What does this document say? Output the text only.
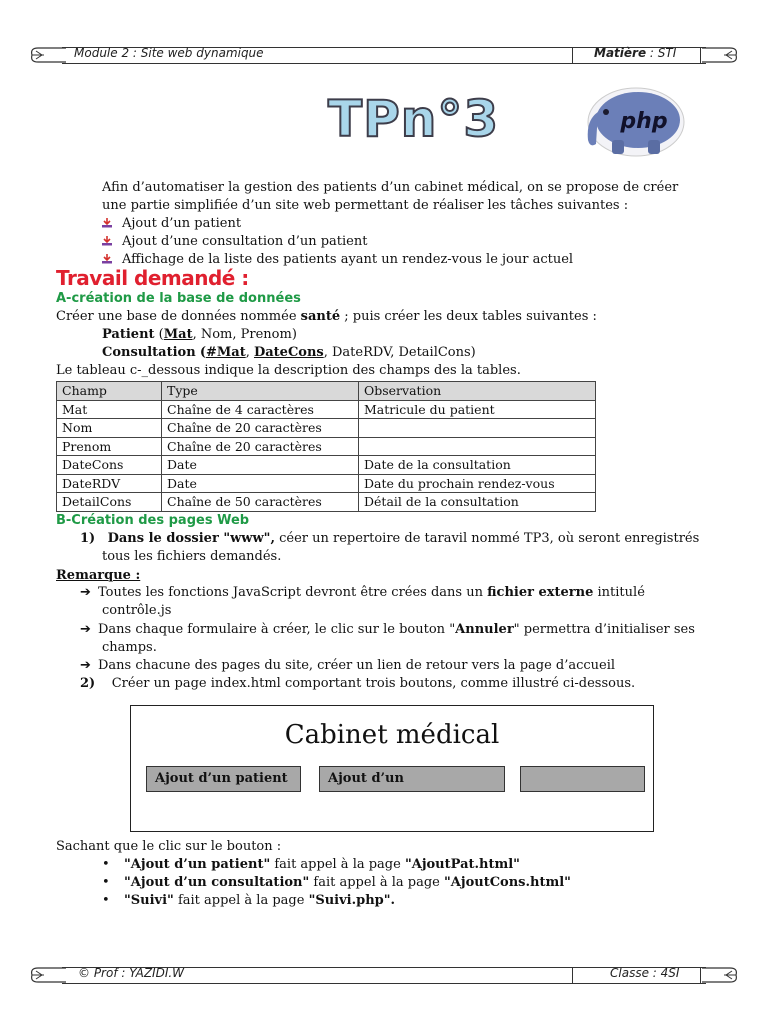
Module 2 : Site web dynamique	Matière : STI
TPn°3	php
Afin d’automatiser la gestion des patients d’un cabinet médical, on se propose de créer
une partie simplifiée d’un site web permettant de réaliser les tâches suivantes :
Ajout d’un patient
Ajout d’une consultation d’un patient
Affichage de la liste des patients ayant un rendez-vous le jour actuel
Travail demandé :
A-création de la base de données
Créer une base de données nommée santé ; puis créer les deux tables suivantes :
Patient (Mat, Nom, Prenom)
Consultation (#Mat, DateCons, DateRDV, DetailCons)
Le tableau c-_dessous indique la description des champs des la tables.
Champ	Type	Observation
Mat	Chaîne de 4 caractères	Matricule du patient
Nom	Chaîne de 20 caractères	
Prenom	Chaîne de 20 caractères	
DateCons	Date	Date de la consultation
DateRDV	Date	Date du prochain rendez-vous
DetailCons	Chaîne de 50 caractères	Détail de la consultation
B-Création des pages Web
1) Dans le dossier "www", céer un repertoire de taravil nommé TP3, où seront enregistrés
tous les fichiers demandés.
Remarque :
➔ Toutes les fonctions JavaScript devront être crées dans un fichier externe intitulé
contrôle.js
➔ Dans chaque formulaire à créer, le clic sur le bouton "Annuler" permettra d’initialiser ses
champs.
➔ Dans chacune des pages du site, créer un lien de retour vers la page d’accueil
2) Créer un page index.html comportant trois boutons, comme illustré ci-dessous.
Cabinet médical
Ajout d’un patient	Ajout d’un
Sachant que le clic sur le bouton :
• "Ajout d’un patient" fait appel à la page "AjoutPat.html"
• "Ajout d’un consultation" fait appel à la page "AjoutCons.html"
• "Suivi" fait appel à la page "Suivi.php".
© Prof : YAZIDI.W	Classe : 4SI
